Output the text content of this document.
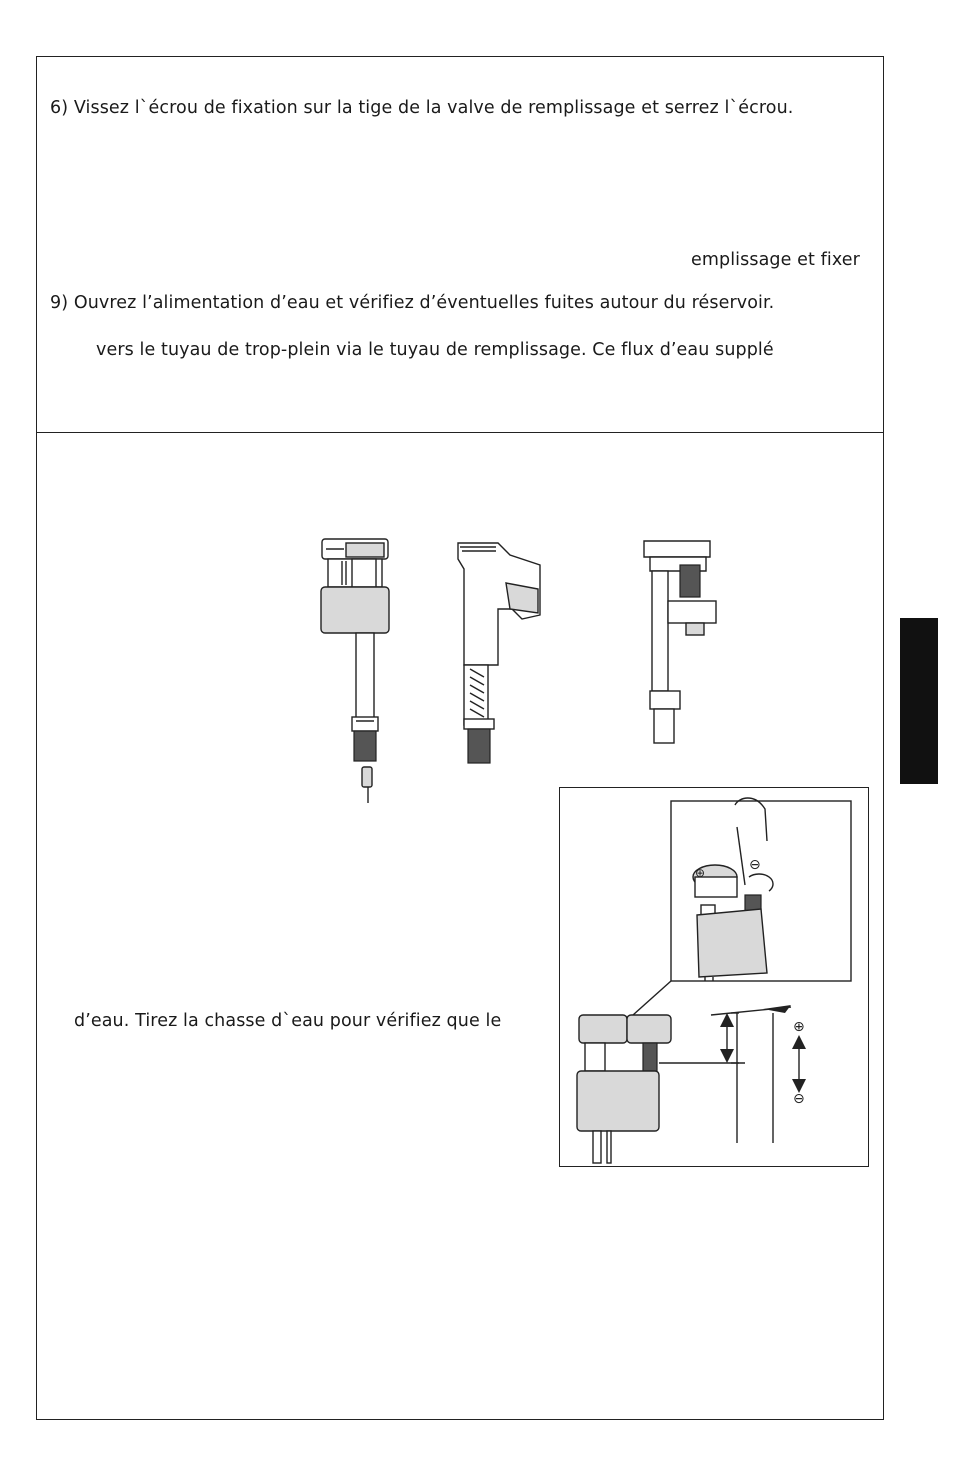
6) Vissez l`écrou de fixation sur la tige de la valve de remplissage et serrez l`écrou.
emplissage et fixer
9) Ouvrez l’alimentation d’eau et vérifiez d’éventuelles fuites autour du réservoir.
vers le tuyau de trop-plein via le tuyau de remplissage. Ce flux d’eau supplé
d’eau. Tirez la chasse d`eau pour vérifiez que le	⊕
⊖
⊖
⊕
